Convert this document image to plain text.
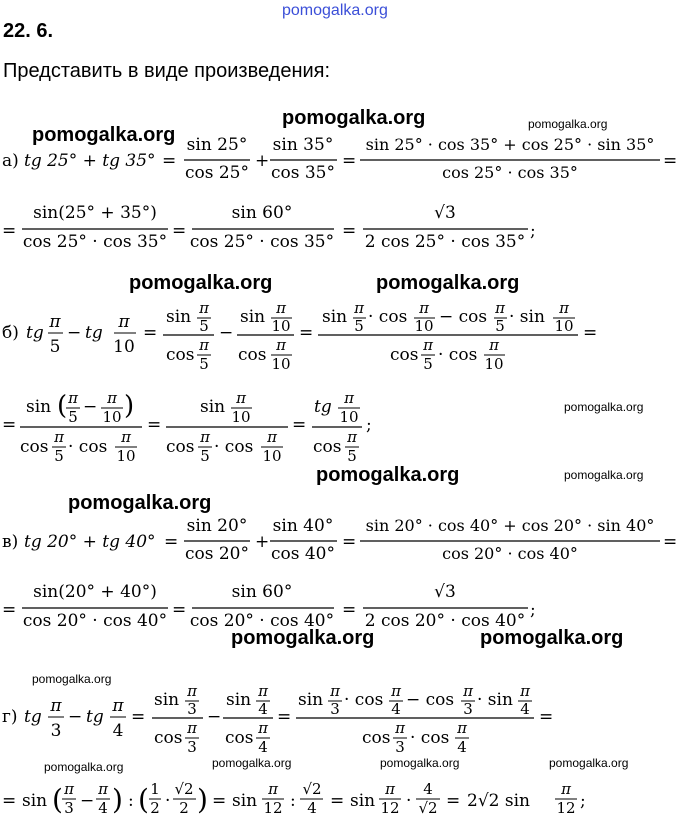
pomogalka.org
22. 6.
Представить в виде произведения:
pomogalka.org
pomogalka.org	pomogalka.org
pomogalka.org	pomogalka.org
pomogalka.org
pomogalka.org	pomogalka.org
pomogalka.org
pomogalka.org	pomogalka.org
pomogalka.org
pomogalka.org	pomogalka.org	pomogalka.org	pomogalka.org
а) tg 25° + tg 35° =
sin 25°
cos 25°
+
sin 35°
cos 35°
=
sin 25° · cos 35° + cos 25° · sin 35°
cos 25° · cos 35°
=
=
sin(25° + 35°)
cos 25° · cos 35°
=
sin 60°
cos 25° · cos 35°
=
√3
2 cos 25° · cos 35°
;
б) tg
π
5
− tg
π
10
=
sin π
5
cos π
5
−
sin π
10
cos π
10
=
sin π
5 · cos π
10 − cos π
5 · sin π
10
cos π
5 · cos π
10
=
=
sin ( π
5 − π
10 )
cos π
5 · cos π
10
=
sin π
10
cos π
5 · cos π
10
=
tg π
10
cos π
5
;
в) tg 20° + tg 40° =
sin 20°
cos 20°
+
sin 40°
cos 40°
=
sin 20° · cos 40° + cos 20° · sin 40°
cos 20° · cos 40°
=
=
sin(20° + 40°)
cos 20° · cos 40°
=
sin 60°
cos 20° · cos 40°
=
√3
2 cos 20° · cos 40°
;
г) tg
π
3
− tg
π
4
=
sin π
3
cos π
3
−
sin π
4
cos π
4
=
sin π
3 · cos π
4 − cos π
3 · sin π
4
cos π
3 · cos π
4
=
= sin ( π
3 −
π
4 ) : ( 1
2 ·
√2
2 ) = sin
π
12 :
√2
4 = sin
π
12 ·
4
√2 = 2√2 sin
π
12 ;
